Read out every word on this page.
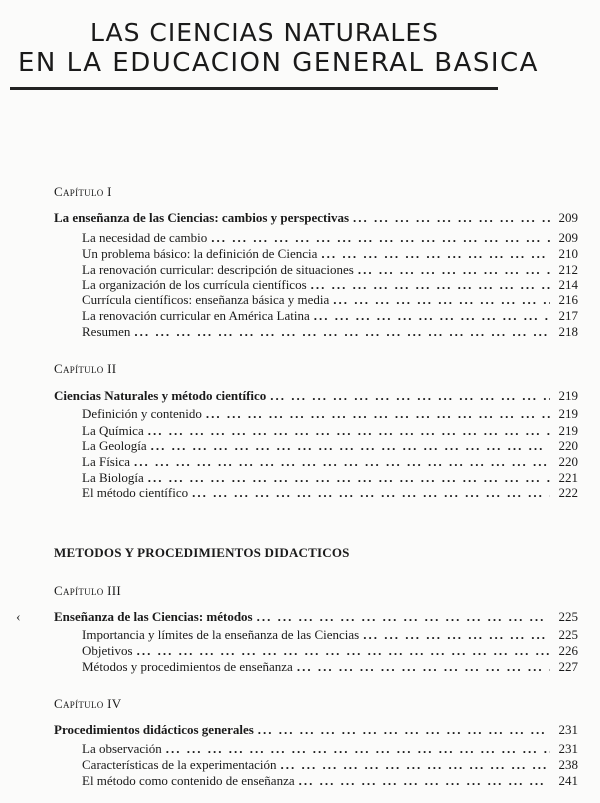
LAS CIENCIAS NATURALES
EN LA EDUCACION GENERAL BASICA
‹
Capítulo I
La enseñanza de las Ciencias: cambios y perspectivas ... .	209
La necesidad de cambio ... .	209
Un problema básico: la definición de Ciencia ... .	210
La renovación curricular: descripción de situaciones ... .	212
La organización de los currícula científicos ... .	214
Currícula científicos: enseñanza básica y media ... .	216
La renovación curricular en América Latina ... .	217
Resumen ... .	218
Capítulo II
Ciencias Naturales y método científico ... .	219
Definición y contenido ... .	219
La Química ... .	219
La Geología ... .	220
La Física ... .	220
La Biología ... .	221
El método científico ... .	222
METODOS Y PROCEDIMIENTOS DIDACTICOS
Capítulo III
Enseñanza de las Ciencias: métodos ... .	225
Importancia y límites de la enseñanza de las Ciencias ... .	225
Objetivos ... .	226
Métodos y procedimientos de enseñanza ... .	227
Capítulo IV
Procedimientos didácticos generales ... .	231
La observación ... .	231
Características de la experimentación ... .	238
El método como contenido de enseñanza ... .	241
